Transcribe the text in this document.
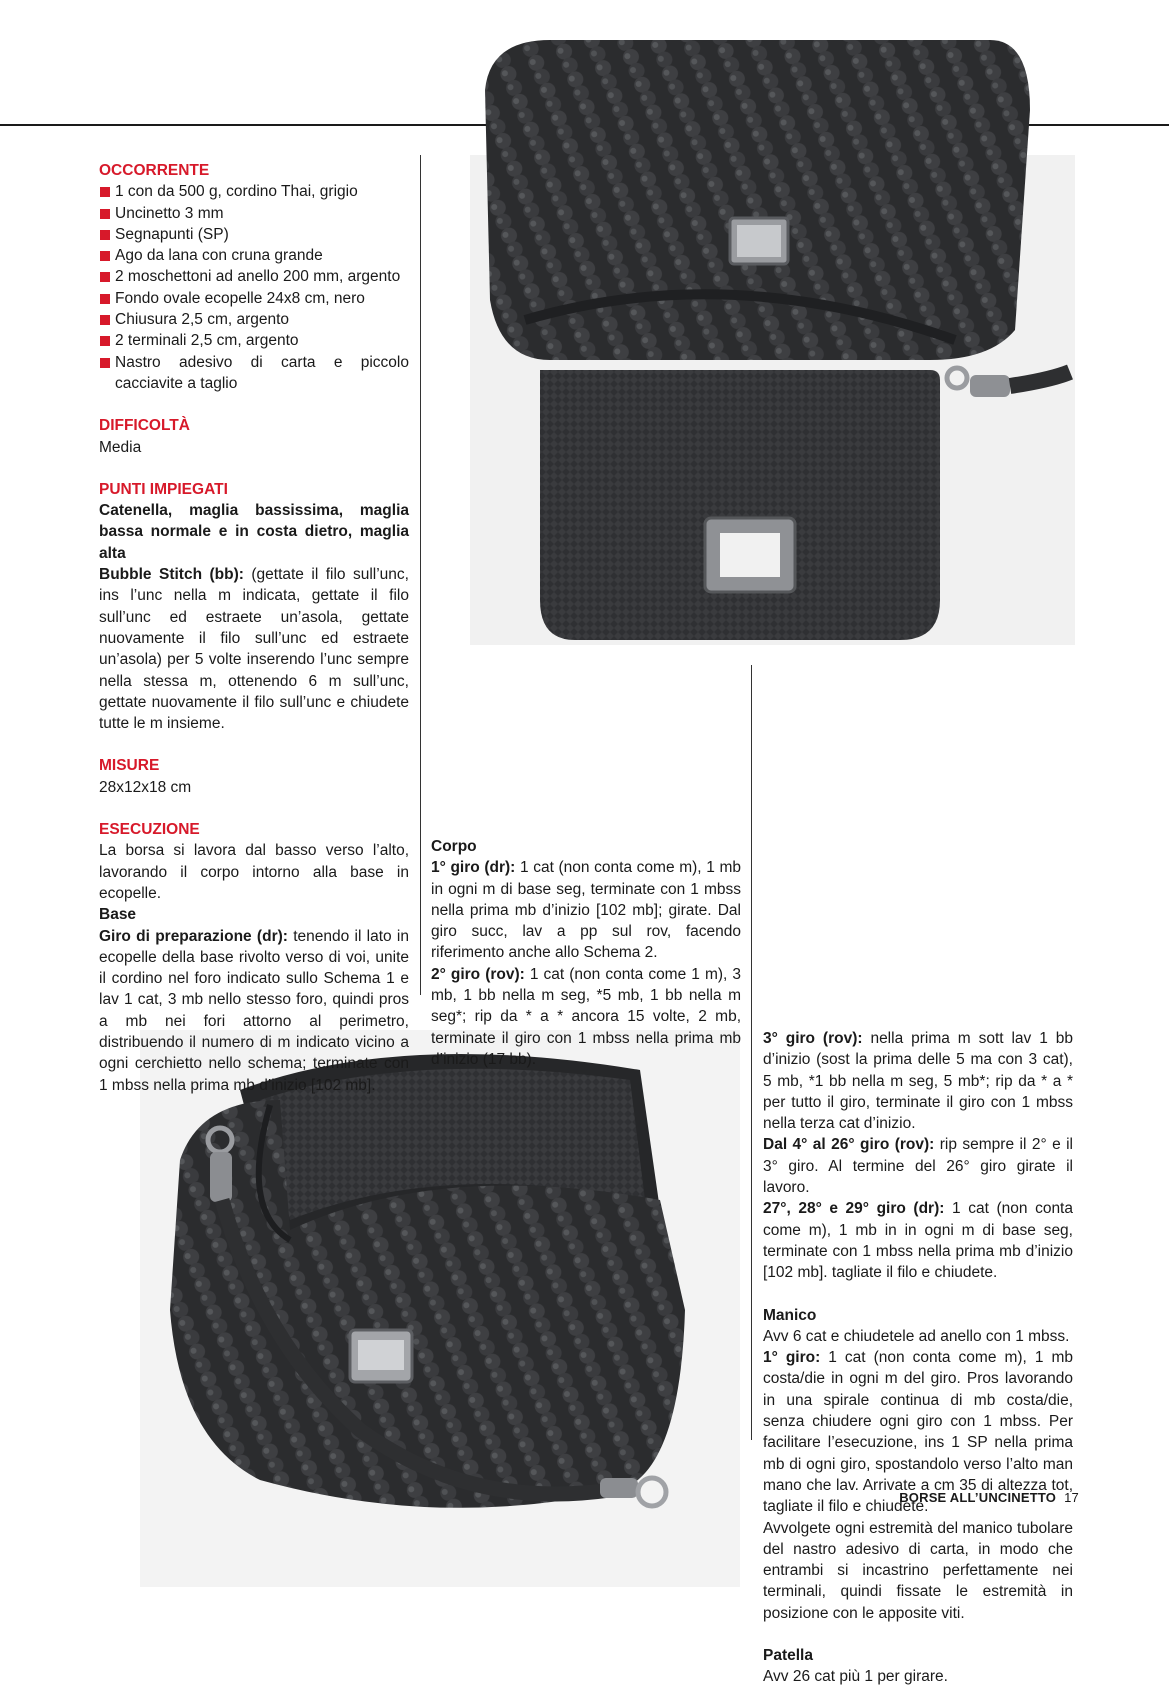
OCCORRENTE

1 con da 500 g, cordino Thai, grigio
Uncinetto 3 mm
Segnapunti (SP)
Ago da lana con cruna grande
2 moschettoni ad anello 200 mm, argento
Fondo ovale ecopelle 24x8 cm, nero
Chiusura 2,5 cm, argento
2 terminali 2,5 cm, argento
Nastro adesivo di carta e piccolo cacciavite a taglio

DIFFICOLTÀ

Media

PUNTI IMPIEGATI

Catenella, maglia bassissima, maglia bassa normale e in costa dietro, maglia alta

Bubble Stitch (bb): (gettate il filo sull’unc, ins l’unc nella m indicata, gettate il filo sull’unc ed estraete un’asola, gettate nuovamente il filo sull’unc ed estraete un’asola) per 5 volte inserendo l’unc sempre nella stessa m, ottenendo 6 m sull’unc, gettate nuovamente il filo sull’unc e chiudete tutte le m insieme.

MISURE

28x12x18 cm

ESECUZIONE

La borsa si lavora dal basso verso l’alto, lavorando il corpo intorno alla base in ecopelle.

Base

Giro di preparazione (dr): tenendo il lato in ecopelle della base rivolto verso di voi, unite il cordino nel foro indicato sullo Schema 1 e lav 1 cat, 3 mb nello stesso foro, quindi pros a mb nei fori attorno al perimetro, distribuendo il numero di m indicato vicino a ogni cerchietto nello schema; terminate con 1 mbss nella prima mb d’inizio [102 mb].

Corpo

1° giro (dr): 1 cat (non conta come m), 1 mb in ogni m di base seg, terminate con 1 mbss nella prima mb d’inizio [102 mb]; girate. Dal giro succ, lav a pp sul rov, facendo riferimento anche allo Schema 2.

2° giro (rov): 1 cat (non conta come 1 m), 3 mb, 1 bb nella m seg, *5 mb, 1 bb nella m seg*; rip da * a * ancora 15 volte, 2 mb, terminate il giro con 1 mbss nella prima mb d’inizio (17 bb).

3° giro (rov): nella prima m sott lav 1 bb d’inizio (sost la prima delle 5 ma con 3 cat), 5 mb, *1 bb nella m seg, 5 mb*; rip da * a * per tutto il giro, terminate il giro con 1 mbss nella terza cat d’inizio.

Dal 4° al 26° giro (rov): rip sempre il 2° e il 3° giro. Al termine del 26° giro girate il lavoro.

27°, 28° e 29° giro (dr): 1 cat (non conta come m), 1 mb in in ogni m di base seg, terminate con 1 mbss nella prima mb d’inizio [102 mb]. tagliate il filo e chiudete.

Manico

Avv 6 cat e chiudetele ad anello con 1 mbss.

1° giro: 1 cat (non conta come m), 1 mb costa/die in ogni m del giro. Pros lavorando in una spirale continua di mb costa/die, senza chiudere ogni giro con 1 mbss. Per facilitare l’esecuzione, ins 1 SP nella prima mb di ogni giro, spostandolo verso l’alto man mano che lav. Arrivate a cm 35 di altezza tot, tagliate il filo e chiudete.

Avvolgete ogni estremità del manico tubolare del nastro adesivo di carta, in modo che entrambi si incastrino perfettamente nei terminali, quindi fissate le estremità in posizione con le apposite viti.

Patella

Avv 26 cat più 1 per girare.

BORSE ALL’UNCINETTO 17
